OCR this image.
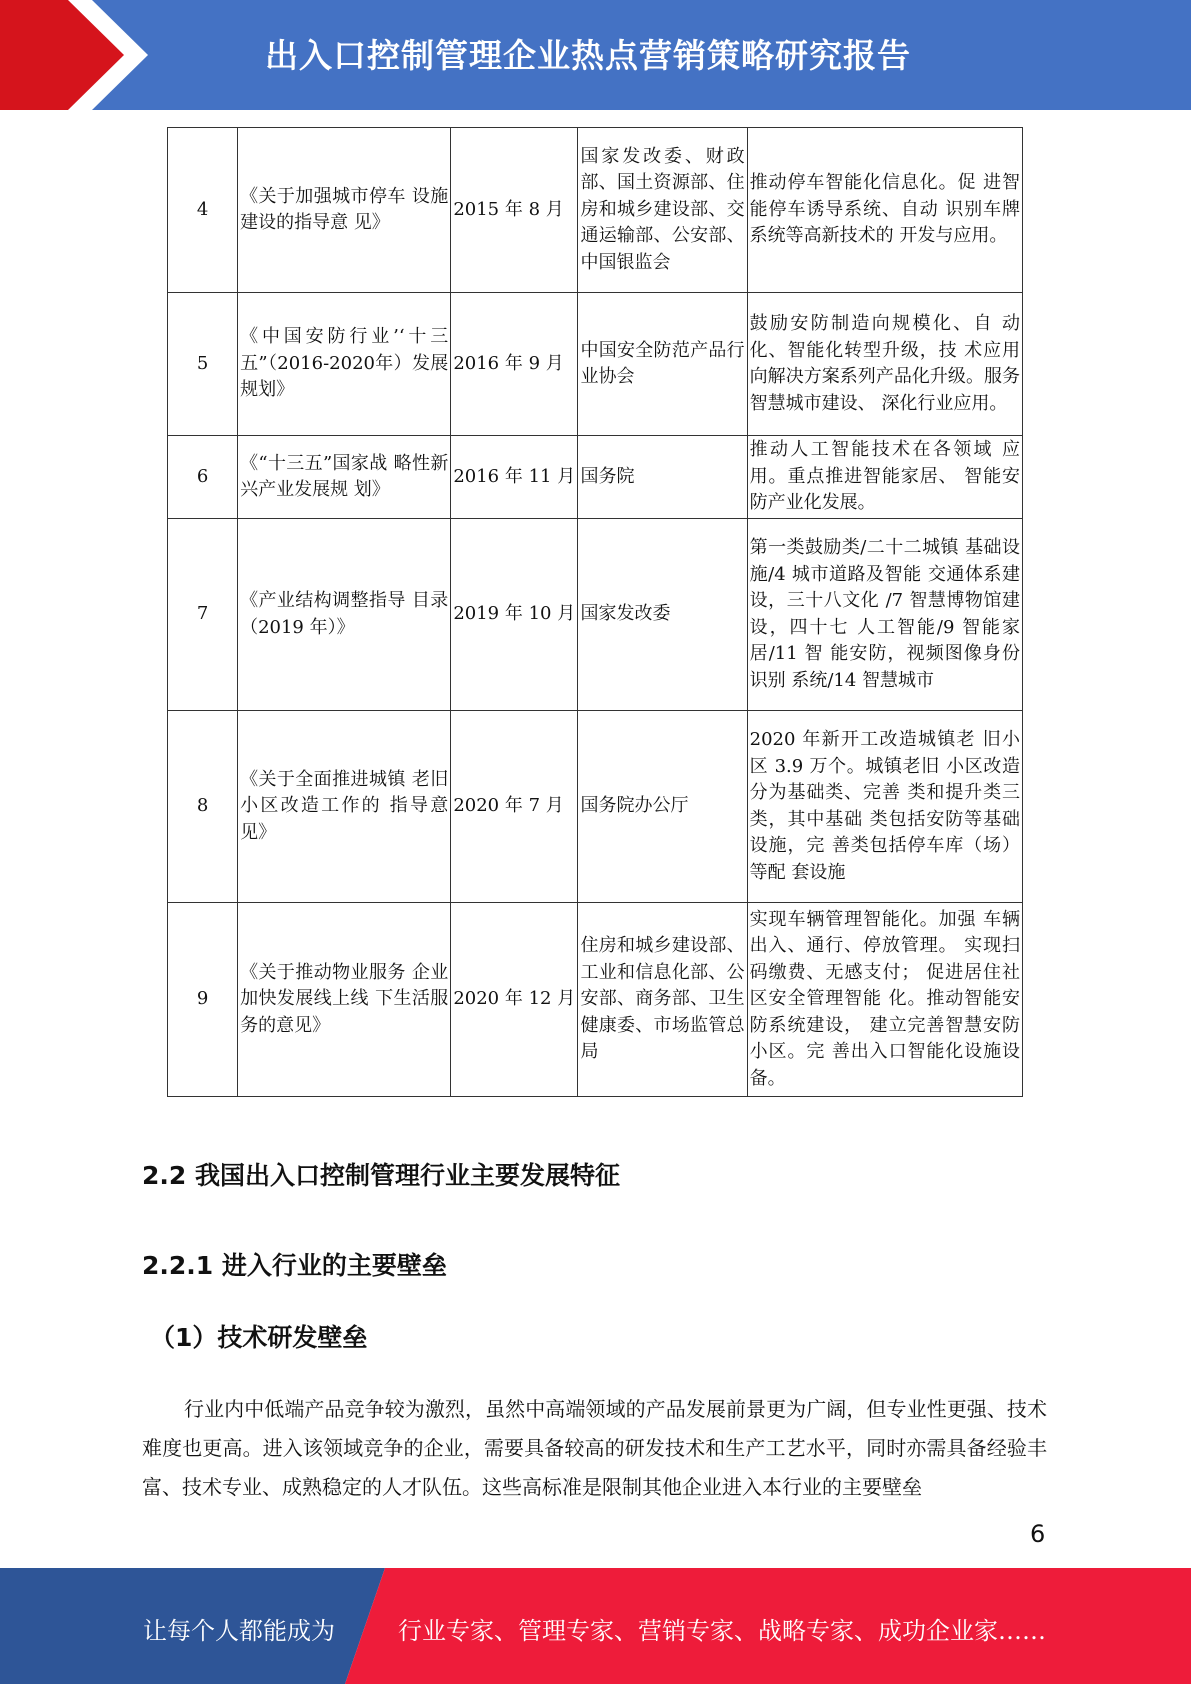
出入口控制管理企业热点营销策略研究报告
4	《关于加强城市停车 设施建设的指导意 见》	2015 年 8 月	国家发改委、财政部、国土资源部、住房和城乡建设部、交通运输部、公安部、中国银监会	推动停车智能化信息化。促 进智能停车诱导系统、自动 识别车牌系统等高新技术的 开发与应用。
5	《中国安防行业’‘十三五”（2016-2020年）发展规划》	2016 年 9 月	中国安全防范产品行业协会	鼓励安防制造向规模化、自 动化、智能化转型升级，技 术应用向解决方案系列产品化升级。服务智慧城市建设、 深化行业应用。
6	《“十三五”国家战 略性新兴产业发展规 划》	2016 年 11 月	国务院	推动人工智能技术在各领域 应用。重点推进智能家居、 智能安防产业化发展。
7	《产业结构调整指导 目录（2019 年）》	2019 年 10 月	国家发改委	第一类鼓励类/二十二城镇 基础设施/4 城市道路及智能 交通体系建设，三十八文化 /7 智慧博物馆建设，四十七 人工智能/9 智能家居/11 智 能安防，视频图像身份识别 系统/14 智慧城市
8	《关于全面推进城镇 老旧小区改造工作的 指导意见》	2020 年 7 月	国务院办公厅	2020 年新开工改造城镇老 旧小区 3.9 万个。城镇老旧 小区改造分为基础类、完善 类和提升类三类，其中基础 类包括安防等基础设施，完 善类包括停车库（场）等配 套设施
9	《关于推动物业服务 企业加快发展线上线 下生活服务的意见》	2020 年 12 月	住房和城乡建设部、工业和信息化部、公安部、商务部、卫生健康委、市场监管总局	实现车辆管理智能化。加强 车辆出入、通行、停放管理。 实现扫码缴费、无感支付； 促进居住社区安全管理智能 化。推动智能安防系统建设， 建立完善智慧安防小区。完 善出入口智能化设施设备。
2.2 我国出入口控制管理行业主要发展特征
2.2.1 进入行业的主要壁垒
（1）技术研发壁垒
行业内中低端产品竞争较为激烈，虽然中高端领域的产品发展前景更为广阔，但专业性更强、技术难度也更高。进入该领域竞争的企业，需要具备较高的研发技术和生产工艺水平，同时亦需具备经验丰富、技术专业、成熟稳定的人才队伍。这些高标准是限制其他企业进入本行业的主要壁垒
6
让每个人都能成为	行业专家、管理专家、营销专家、战略专家、成功企业家……
